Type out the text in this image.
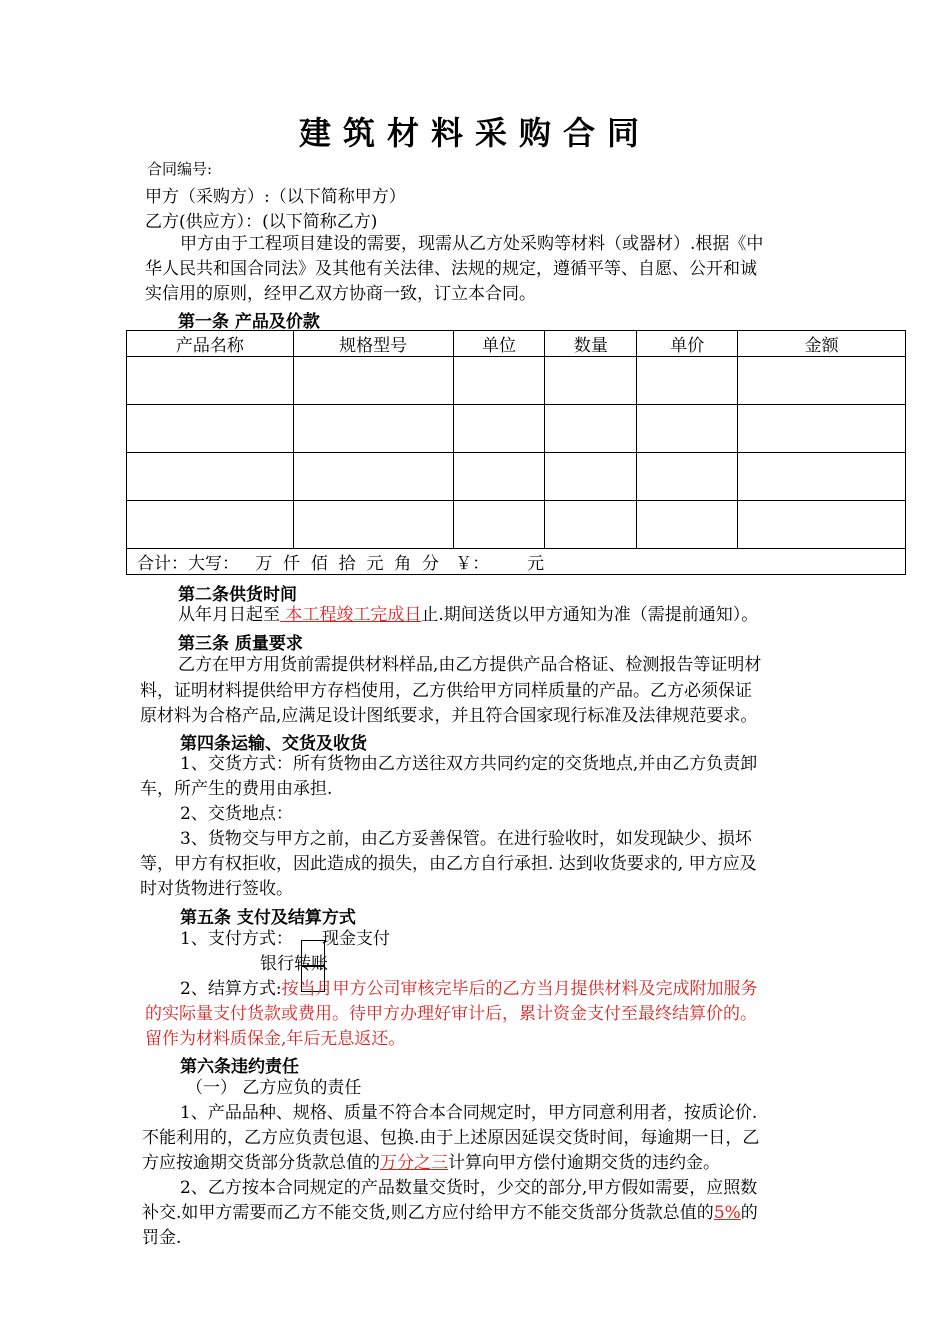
建筑材料采购合同
合同编号:
甲方（采购方）:（以下简称甲方）
乙方(供应方）：(以下简称乙方)
甲方由于工程项目建设的需要，现需从乙方处采购等材料（或器材）.根据《中
华人民共和国合同法》及其他有关法律、法规的规定，遵循平等、自愿、公开和诚
实信用的原则，经甲乙双方协商一致，订立本合同。
第一条 产品及价款
产品名称	规格型号	单位	数量	单价	金额

合计：大写：   万  仟  佰  拾  元  角  分   ￥：       元					
第二条供货时间
从年月日起至 本工程竣工完成日止.期间送货以甲方通知为准（需提前通知）。
第三条 质量要求
乙方在甲方用货前需提供材料样品,由乙方提供产品合格证、检测报告等证明材
料，证明材料提供给甲方存档使用，乙方供给甲方同样质量的产品。乙方必须保证
原材料为合格产品,应满足设计图纸要求，并且符合国家现行标准及法律规范要求。
第四条运输、交货及收货
1、交货方式：所有货物由乙方送往双方共同约定的交货地点,并由乙方负责卸
车，所产生的费用由承担.
2、交货地点：
3、货物交与甲方之前，由乙方妥善保管。在进行验收时，如发现缺少、损坏
等，甲方有权拒收，因此造成的损失，由乙方自行承担. 达到收货要求的, 甲方应及
时对货物进行签收。
第五条 支付及结算方式
1、支付方式： 现金支付
银行转账
2、结算方式:按当月甲方公司审核完毕后的乙方当月提供材料及完成附加服务
的实际量支付货款或费用。待甲方办理好审计后，累计资金支付至最终结算价的。
留作为材料质保金,年后无息返还。
第六条违约责任
（一） 乙方应负的责任
1、产品品种、规格、质量不符合本合同规定时，甲方同意利用者，按质论价.
不能利用的，乙方应负责包退、包换.由于上述原因延误交货时间，每逾期一日，乙
方应按逾期交货部分货款总值的万分之三计算向甲方偿付逾期交货的违约金。
2、乙方按本合同规定的产品数量交货时，少交的部分,甲方假如需要，应照数
补交.如甲方需要而乙方不能交货,则乙方应付给甲方不能交货部分货款总值的5%的
罚金.
